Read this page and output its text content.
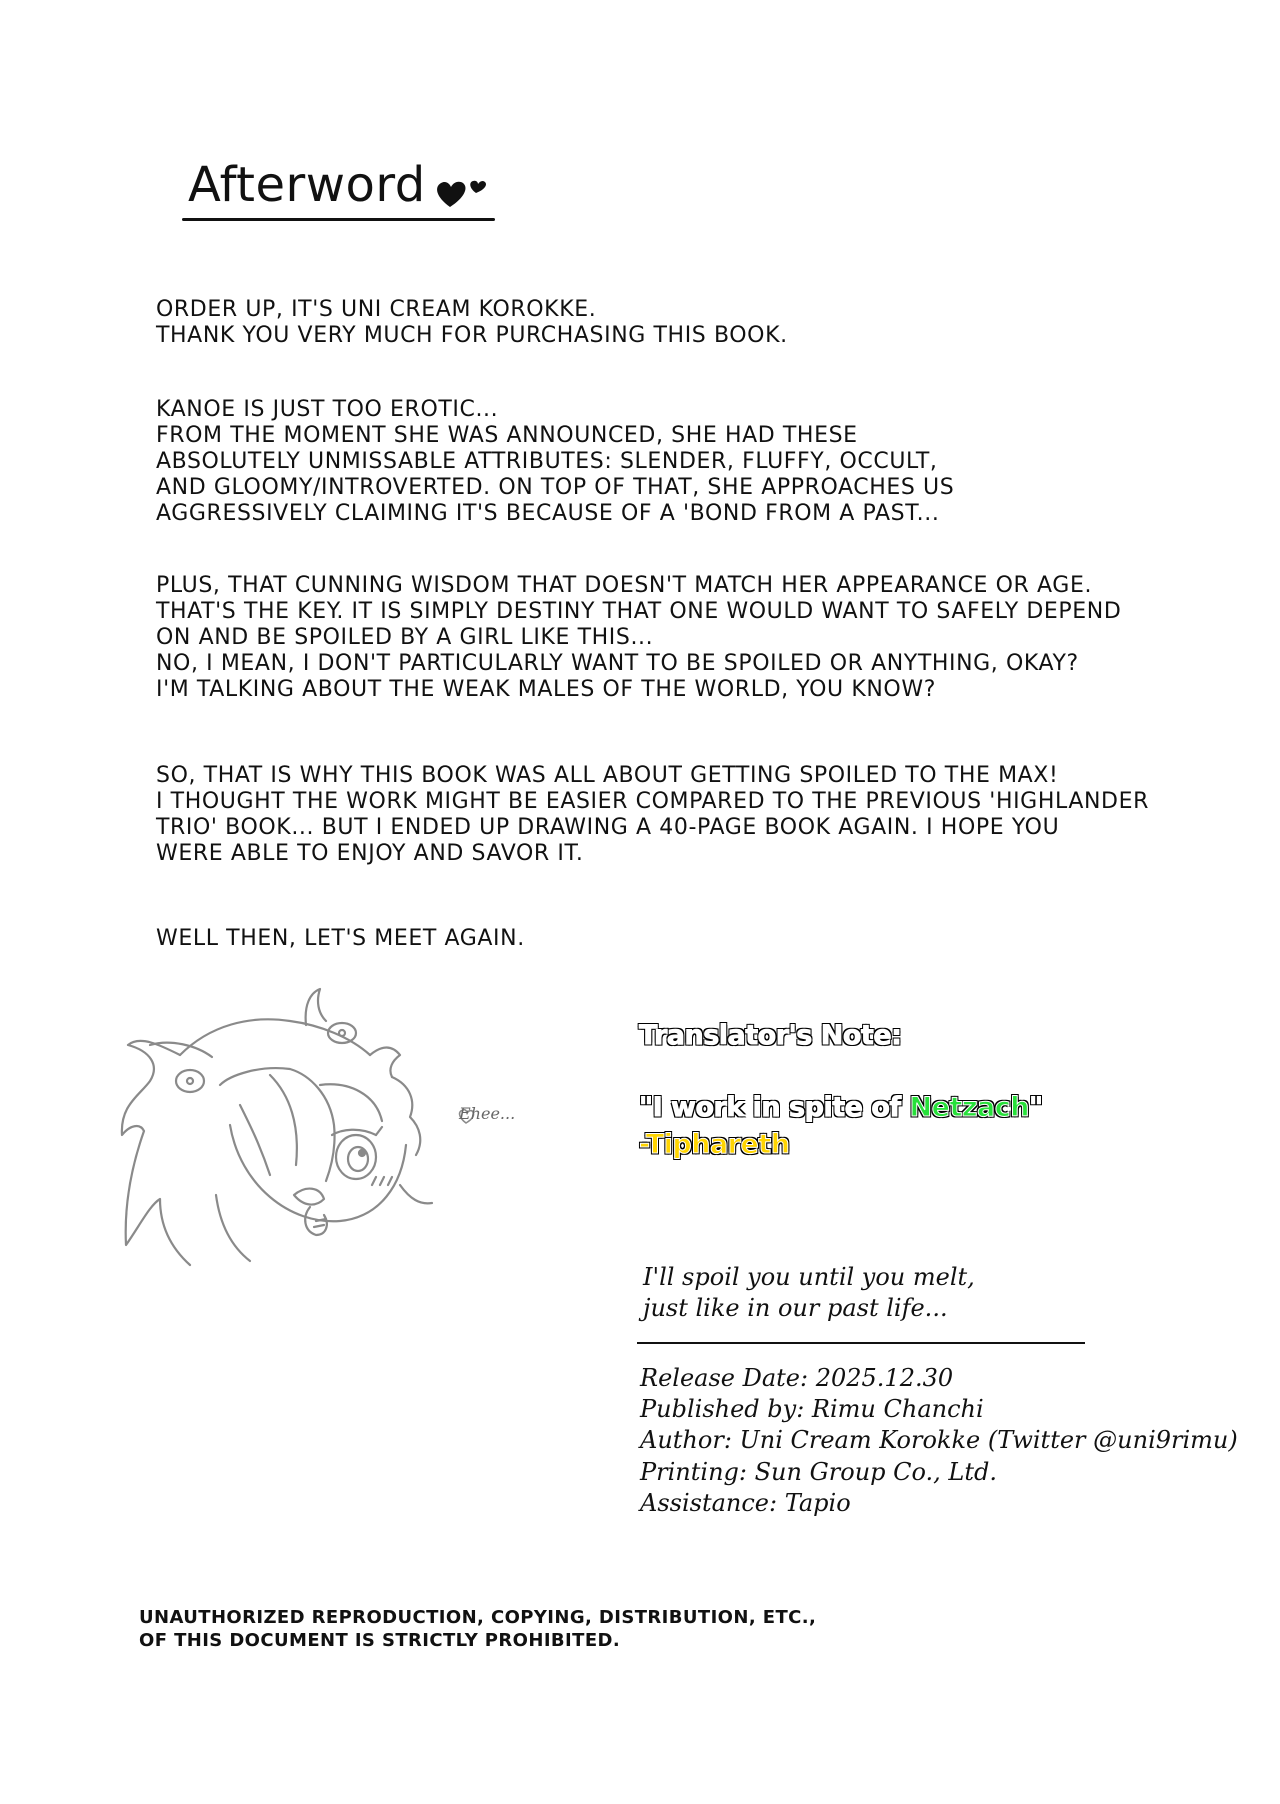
Afterword
ORDER UP, IT'S UNI CREAM KOROKKE.
THANK YOU VERY MUCH FOR PURCHASING THIS BOOK.
KANOE IS JUST TOO EROTIC...
FROM THE MOMENT SHE WAS ANNOUNCED, SHE HAD THESE
ABSOLUTELY UNMISSABLE ATTRIBUTES: SLENDER, FLUFFY, OCCULT,
AND GLOOMY/INTROVERTED. ON TOP OF THAT, SHE APPROACHES US
AGGRESSIVELY CLAIMING IT'S BECAUSE OF A 'BOND FROM A PAST...
PLUS, THAT CUNNING WISDOM THAT DOESN'T MATCH HER APPEARANCE OR AGE.
THAT'S THE KEY. IT IS SIMPLY DESTINY THAT ONE WOULD WANT TO SAFELY DEPEND
ON AND BE SPOILED BY A GIRL LIKE THIS...
NO, I MEAN, I DON'T PARTICULARLY WANT TO BE SPOILED OR ANYTHING, OKAY?
I'M TALKING ABOUT THE WEAK MALES OF THE WORLD, YOU KNOW?
SO, THAT IS WHY THIS BOOK WAS ALL ABOUT GETTING SPOILED TO THE MAX!
I THOUGHT THE WORK MIGHT BE EASIER COMPARED TO THE PREVIOUS 'HIGHLANDER
TRIO' BOOK... BUT I ENDED UP DRAWING A 40-PAGE BOOK AGAIN. I HOPE YOU
WERE ABLE TO ENJOY AND SAVOR IT.
WELL THEN, LET'S MEET AGAIN.
Ehee...
Translator's Note:
"I work in spite of Netzach"
-Tiphareth
I'll spoil you until you melt,
just like in our past life...
Release Date: 2025.12.30
Published by: Rimu Chanchi
Author: Uni Cream Korokke (Twitter @uni9rimu)
Printing: Sun Group Co., Ltd.
Assistance: Tapio
UNAUTHORIZED REPRODUCTION, COPYING, DISTRIBUTION, ETC.,
OF THIS DOCUMENT IS STRICTLY PROHIBITED.
